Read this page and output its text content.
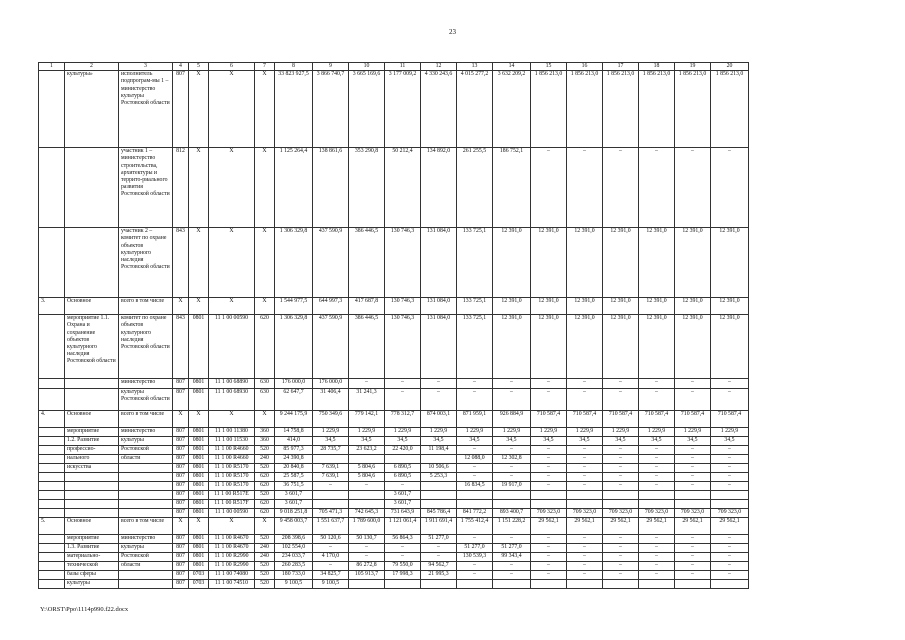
23
1	2	3	4	5	6	7	8	9	10	11	12	13	14	15	16	17	18	19	20
	культуры»	исполнитель подпрограм-мы 1 – министерство культуры Ростовской области	807	Х	Х	Х	33 823 927,5	3 866 740,7	3 665 169,6	3 177 009,2	4 330 243,6	4 015 277,2	3 632 209,2	1 856 213,0	1 856 213,0	1 856 213,0	1 856 213,0	1 856 213,0	1 856 213,0
		участник 1 – министерство строительства, архитектуры и террито-риального развития Ростовской области	812	Х	Х	Х	1 125 264,4	138 861,6	353 290,8	50 212,4	134 892,0	261 255,5	186 752,1	–	–	–	–	–	–
		участник 2 – комитет по охране объектов культурного наследия Ростовской области	843	Х	Х	Х	1 306 329,8	437 590,9	386 446,5	130 746,3	131 084,0	133 725,1	12 391,0	12 391,0	12 391,0	12 391,0	12 391,0	12 391,0	12 391,0
3.	Основное	всего в том числе	Х	Х	Х	Х	1 544 977,5	644 997,3	417 687,8	130 746,3	131 084,0	133 725,1	12 391,0	12 391,0	12 391,0	12 391,0	12 391,0	12 391,0	12 391,0
	мероприятие 1.1. Охрана и сохранение объектов культурного наследия Ростовской области	комитет по охране объектов культурного наследия Ростовской области	843	0801	11 1 00 00590	620	1 306 329,8	437 590,9	386 446,5	130 746,3	131 084,0	133 725,1	12 391,0	12 391,0	12 391,0	12 391,0	12 391,0	12 391,0	12 391,0
		министерство	807	0801	11 1 00 68890	630	176 000,0	176 000,0	–	–	–	–	–	–	–	–	–	–	–
		культуры Ростовской области	807	0801	11 1 00 68930	630	62 647,7	31 406,4	31 241,3	–	–	–	–	–	–	–	–	–	–
4.	Основное	всего в том числе	Х	Х	Х	Х	9 244 175,9	750 349,6	779 142,1	778 312,7	874 003,1	871 959,1	926 884,9	710 587,4	710 587,4	710 587,4	710 587,4	710 587,4	710 587,4
	мероприятие	министерство	807	0801	11 1 00 11380	360	14 758,8	1 229,9	1 229,9	1 229,9	1 229,9	1 229,9	1 229,9	1 229,9	1 229,9	1 229,9	1 229,9	1 229,9	1 229,9
	1.2. Развитие	культуры	807	0801	11 1 00 11530	360	414,0	34,5	34,5	34,5	34,5	34,5	34,5	34,5	34,5	34,5	34,5	34,5	34,5
	профессио-	Ростовской	807	0801	11 1 00 R4660	520	85 977,3	28 735,7	23 623,2	22 420,0	11 198,4	–	–	–	–	–	–	–	–
	нального	области	807	0801	11 1 00 R4660	240	24 390,8					12 088,0	12 302,8	–	–	–	–	–	–
	искусства		807	0801	11 1 00 R5170	520	20 840,8	7 639,1	5 804,6	6 890,5	10 506,6	–	–	–	–	–	–	–	–
			807	0801	11 1 00 R5170	620	25 587,5	7 639,1	5 804,6	6 890,5	5 253,3	–	–	–	–	–	–	–	–
			807	0801	11 1 00 R5170	620	36 751,5	–	–	–		16 834,5	19 917,0	–	–	–	–	–	–
			807	0801	11 1 00 R517Е	520	3 601,7			3 601,7									
			807	0801	11 1 00 R517F	620	3 601,7			3 601,7									
			807	0801	11 1 00 00590	620	9 018 251,8	705 471,3	742 645,3	731 643,9	845 786,4	841 772,2	893 400,7	709 323,0	709 323,0	709 323,0	709 323,0	709 323,0	709 323,0
5.	Основное	всего в том числе	Х	Х	Х	Х	9 458 003,7	1 551 637,7	1 789 600,0	1 121 061,4	1 911 691,4	1 755 412,4	1 151 228,2	29 562,1	29 562,1	29 562,1	29 562,1	29 562,1	29 562,1
	мероприятие	министерство	807	0801	11 1 00 R4670	520	208 398,6	50 120,6	50 130,7	56 864,3	51 277,0	–	–	–	–	–	–	–	–
	1.3. Развитие	культуры	807	0801	11 1 00 R4670	240	102 554,0	–	–	–	–	51 277,0	51 277,0	–	–	–	–	–	–
	материально-	Ростовской	807	0801	11 1 00 R2990	240	234 033,7	4 170,0	–	–	–	130 539,3	99 343,4	–	–	–	–	–	–
	технической	области	807	0801	11 1 00 R2990	520	260 283,5	–	86 272,8	79 550,0	94 562,7	–	–	–	–	–	–	–	–
	базы сферы		807	0703	11 1 00 74080	520	180 733,0	34 825,7	105 913,7	17 998,3	21 995,3	–	–	–	–	–	–	–	–
	культуры		807	0703	11 1 00 74510	520	9 100,5	9 100,5											
Y:\ORST\Ppo\1114p990.f22.docx
